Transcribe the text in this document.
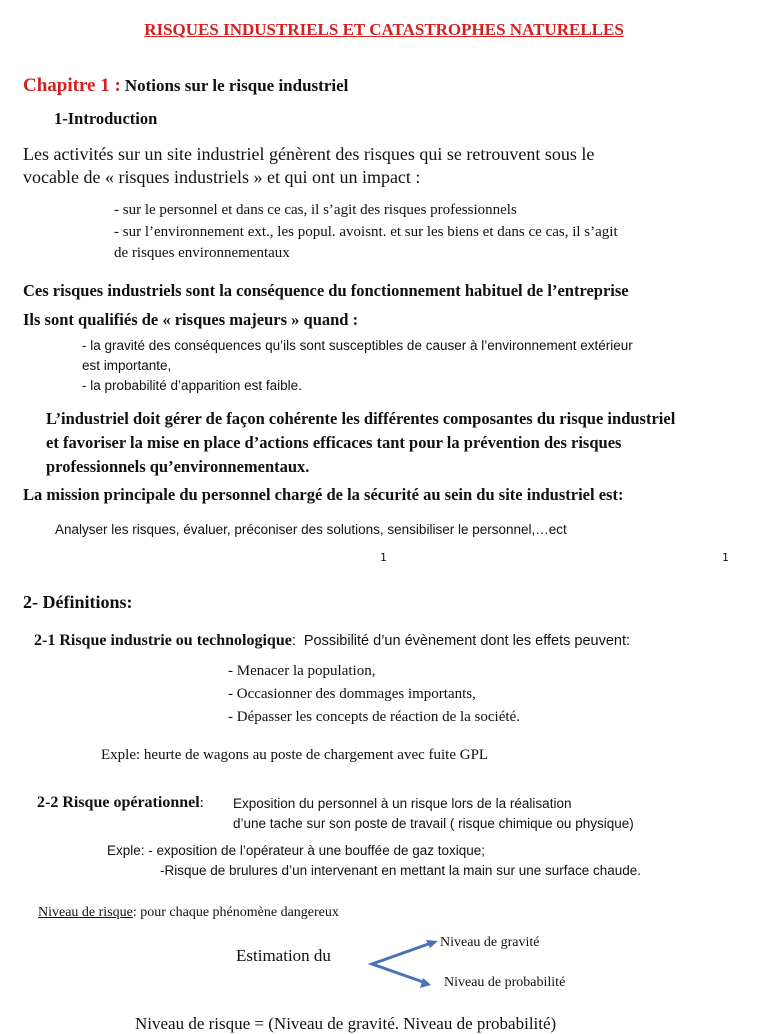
RISQUES INDUSTRIELS ET CATASTROPHES NATURELLES
Chapitre 1 : Notions sur le risque industriel
1-Introduction
Les activités sur un site industriel génèrent des risques qui se retrouvent sous le
vocable de « risques industriels » et qui ont un impact :
- sur le personnel et dans ce cas, il s’agit des risques professionnels
- sur l’environnement ext., les popul. avoisnt. et sur les biens et dans ce cas, il s’agit
de risques environnementaux
Ces risques industriels sont la conséquence du fonctionnement habituel de l’entreprise
Ils sont qualifiés de « risques majeurs » quand :
- la gravité des conséquences qu’ils sont susceptibles de causer à l’environnement extérieur
est importante,
- la probabilité d’apparition est faible.
L’industriel doit gérer de façon cohérente les différentes composantes du risque industriel
et favoriser la mise en place d’actions efficaces tant pour la prévention des risques
professionnels qu’environnementaux.
La mission principale du personnel chargé de la sécurité au sein du site industriel est:
Analyser les risques, évaluer, préconiser des solutions, sensibiliser le personnel,…ect
1	1
2- Définitions:
2-1 Risque industrie ou technologique: Possibilité d’un évènement dont les effets peuvent:
- Menacer la population,
- Occasionner des dommages importants,
- Dépasser les concepts de réaction de la société.
Exple: heurte de wagons au poste de chargement avec fuite GPL
2-2 Risque opérationnel: Exposition du personnel à un risque lors de la réalisation
d’une tache sur son poste de travail ( risque chimique ou physique)
Exple: - exposition de l’opérateur à une bouffée de gaz toxique;
-Risque de brulures d’un intervenant en mettant la main sur une surface chaude.
Niveau de risque: pour chaque phénomène dangereux
Estimation du
Niveau de gravité
Niveau de probabilité
Niveau de risque = (Niveau de gravité. Niveau de probabilité)
